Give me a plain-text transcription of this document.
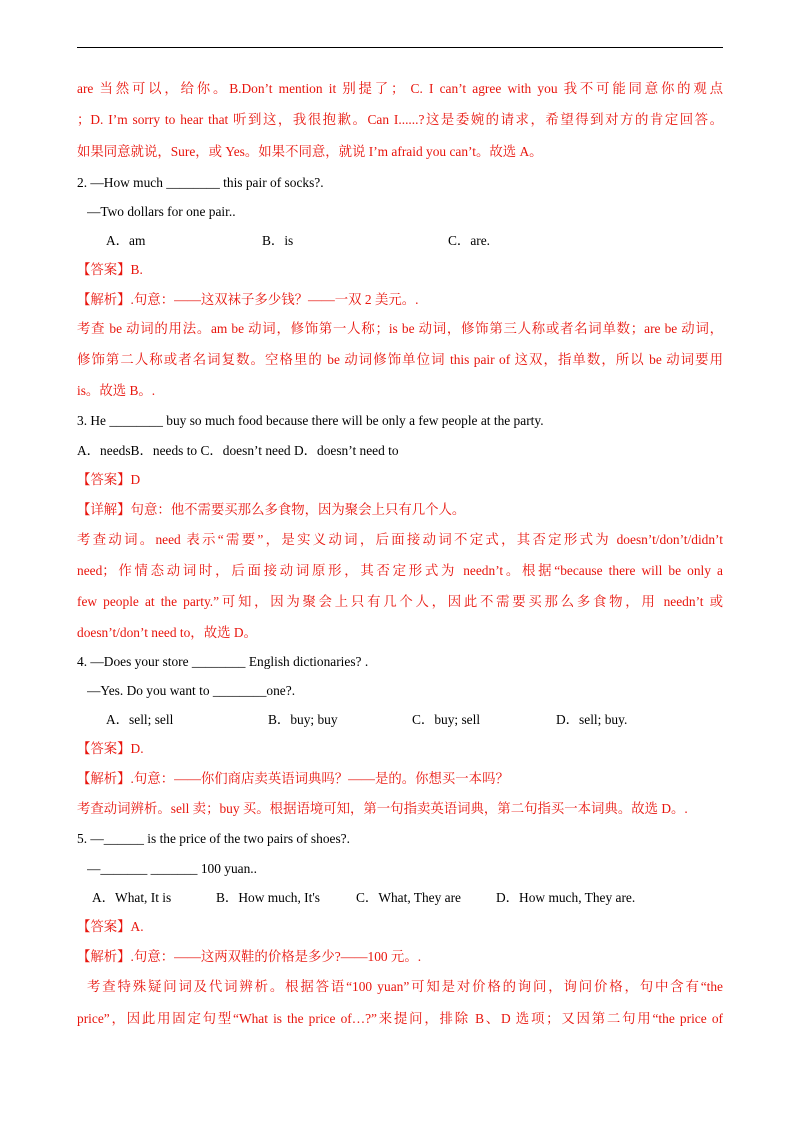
are 当然可以，给你。B.Don’t mention it 别提了； C. I can’t agree with you 我不可能同意你的观点
；D. I’m sorry to hear that 听到这，我很抱歉。Can I......?这是委婉的请求，希望得到对方的肯定回答。
如果同意就说，Sure，或 Yes。如果不同意，就说 I’m afraid you can’t。故选 A。
2. —How much ________ this pair of socks?.
—Two dollars for one pair..
A．am	B．is	C．are.
【答案】B.
【解析】.句意：——这双袜子多少钱？——一双 2 美元。.
考查 be 动词的用法。am be 动词，修饰第一人称；is be 动词，修饰第三人称或者名词单数；are be 动词，
修饰第二人称或者名词复数。空格里的 be 动词修饰单位词 this pair of 这双，指单数，所以 be 动词要用
is。故选 B。.
3. He ________ buy so much food because there will be only a few people at the party.
A．needsB．needs to C．doesn’t need D．doesn’t need to
【答案】D
【详解】句意：他不需要买那么多食物，因为聚会上只有几个人。
考查动词。need 表示“需要”，是实义动词，后面接动词不定式，其否定形式为 doesn’t/don’t/didn’t
need；作情态动词时，后面接动词原形，其否定形式为 needn’t。根据“because there will be only a
few people at the party.”可知，因为聚会上只有几个人，因此不需要买那么多食物，用 needn’t 或
doesn’t/don’t need to，故选 D。
4. —Does your store ________ English dictionaries? .
—Yes. Do you want to ________one?.
A．sell; sell	B．buy; buy	C．buy; sell	D．sell; buy.
【答案】D.
【解析】.句意：——你们商店卖英语词典吗？——是的。你想买一本吗？
考查动词辨析。sell 卖；buy 买。根据语境可知，第一句指卖英语词典，第二句指买一本词典。故选 D。.
5. —______ is the price of the two pairs of shoes?.
—_______ _______ 100 yuan..
A．What, It is	B．How much, It's	C．What, They are	D．How much, They are.
【答案】A.
【解析】.句意：——这两双鞋的价格是多少?——100 元。.
考查特殊疑问词及代词辨析。根据答语“100 yuan”可知是对价格的询问，询问价格，句中含有“the
price”，因此用固定句型“What is the price of…?”来提问，排除 B、D 选项；又因第二句用“the price of
